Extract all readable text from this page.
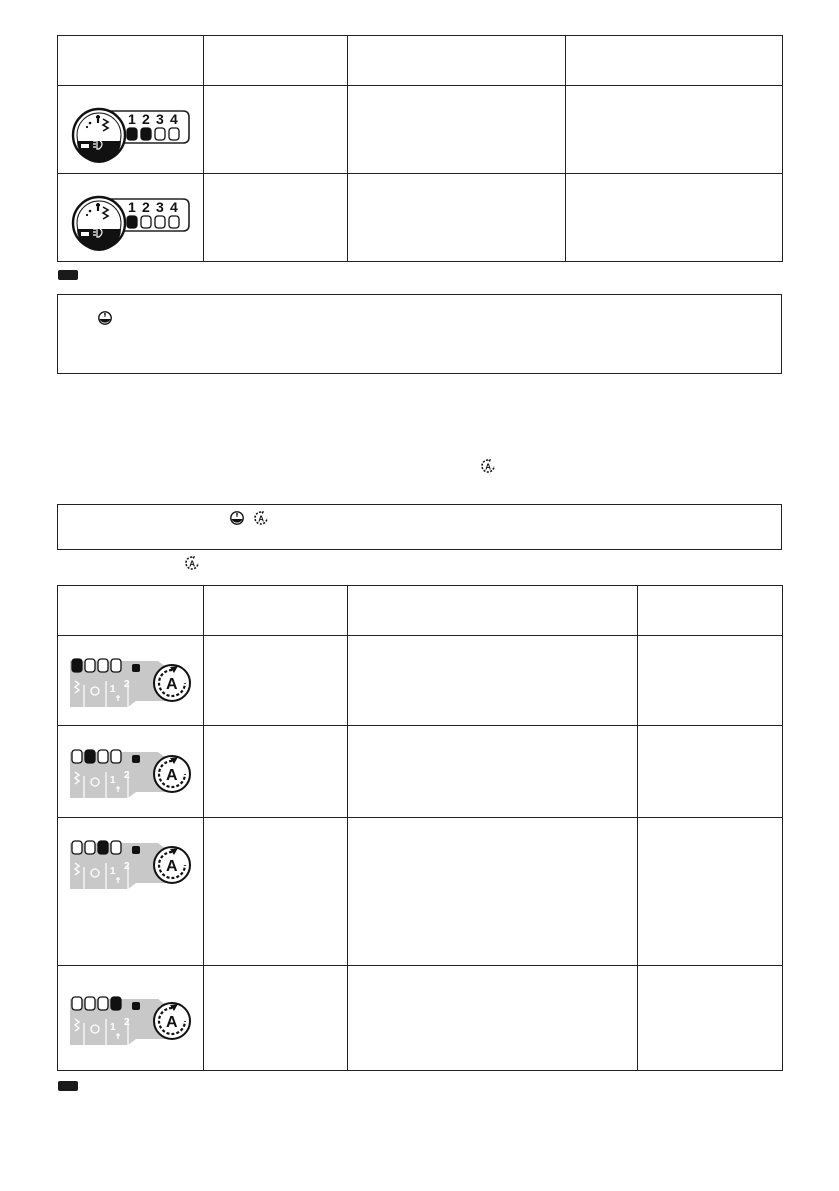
1 2 3 4
1 2 3 4
A
A
A
1 2 A
1 2 A
1 2 A
1 2 A
